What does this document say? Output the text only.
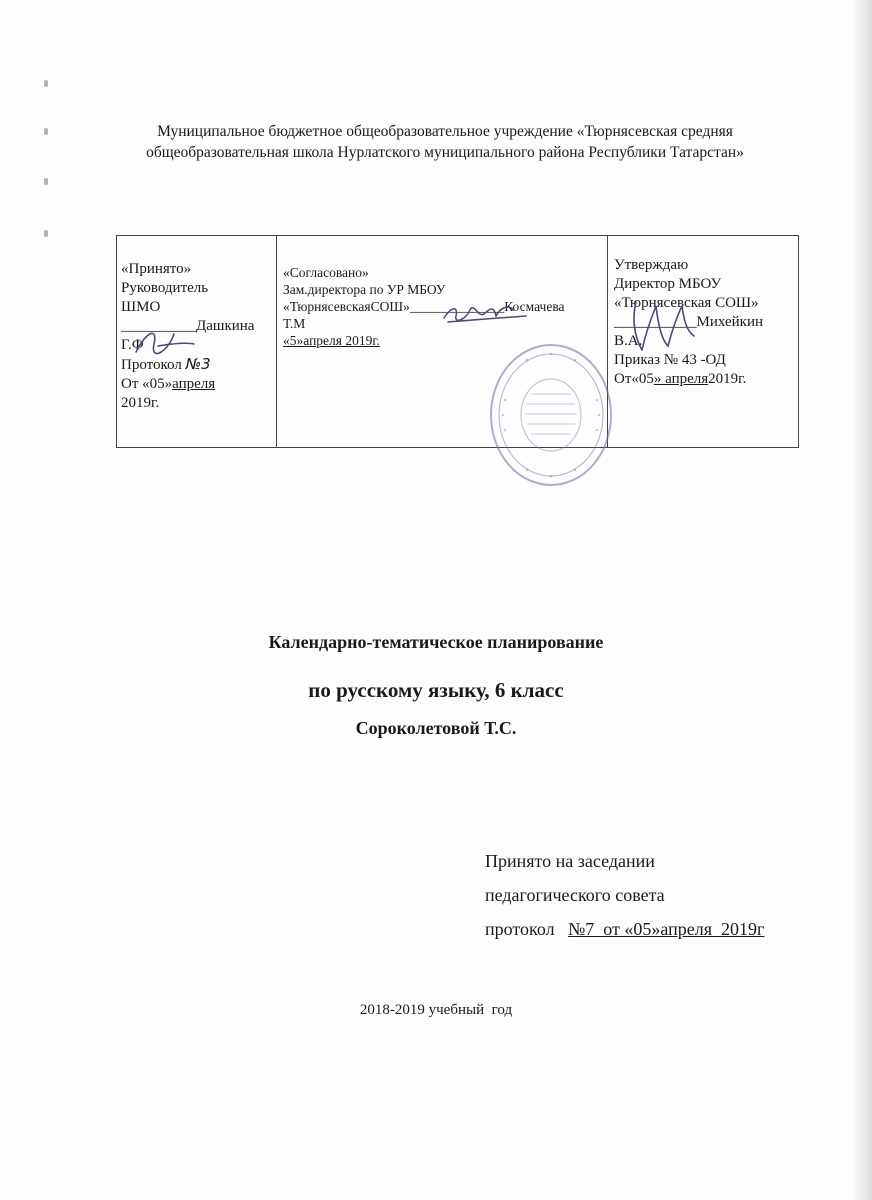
Муниципальное бюджетное общеобразовательное учреждение «Тюрнясевская средняя
общеобразовательная школа Нурлатского муниципального района Республики Татарстан»
«Принято»
Руководитель
ШМО
__________Дашкина
Г.Ф
Протокол №3
От «05»апреля
2019г.
«Согласовано»
Зам.директора по УР МБОУ
«ТюрнясевскаяСОШ»______________Космачева
Т.М
«5»апреля 2019г.
Утверждаю
Директор МБОУ
«Тюрнясевская СОШ»
___________Михейкин
В.А.
Приказ № 43 -ОД
От«05» апреля2019г.
Календарно-тематическое планирование
по русскому языку, 6 класс
Сороколетовой Т.С.
Принято на заседании
педагогического совета
протокол   №7  от «05»апреля  2019г
2018-2019 учебный  год
